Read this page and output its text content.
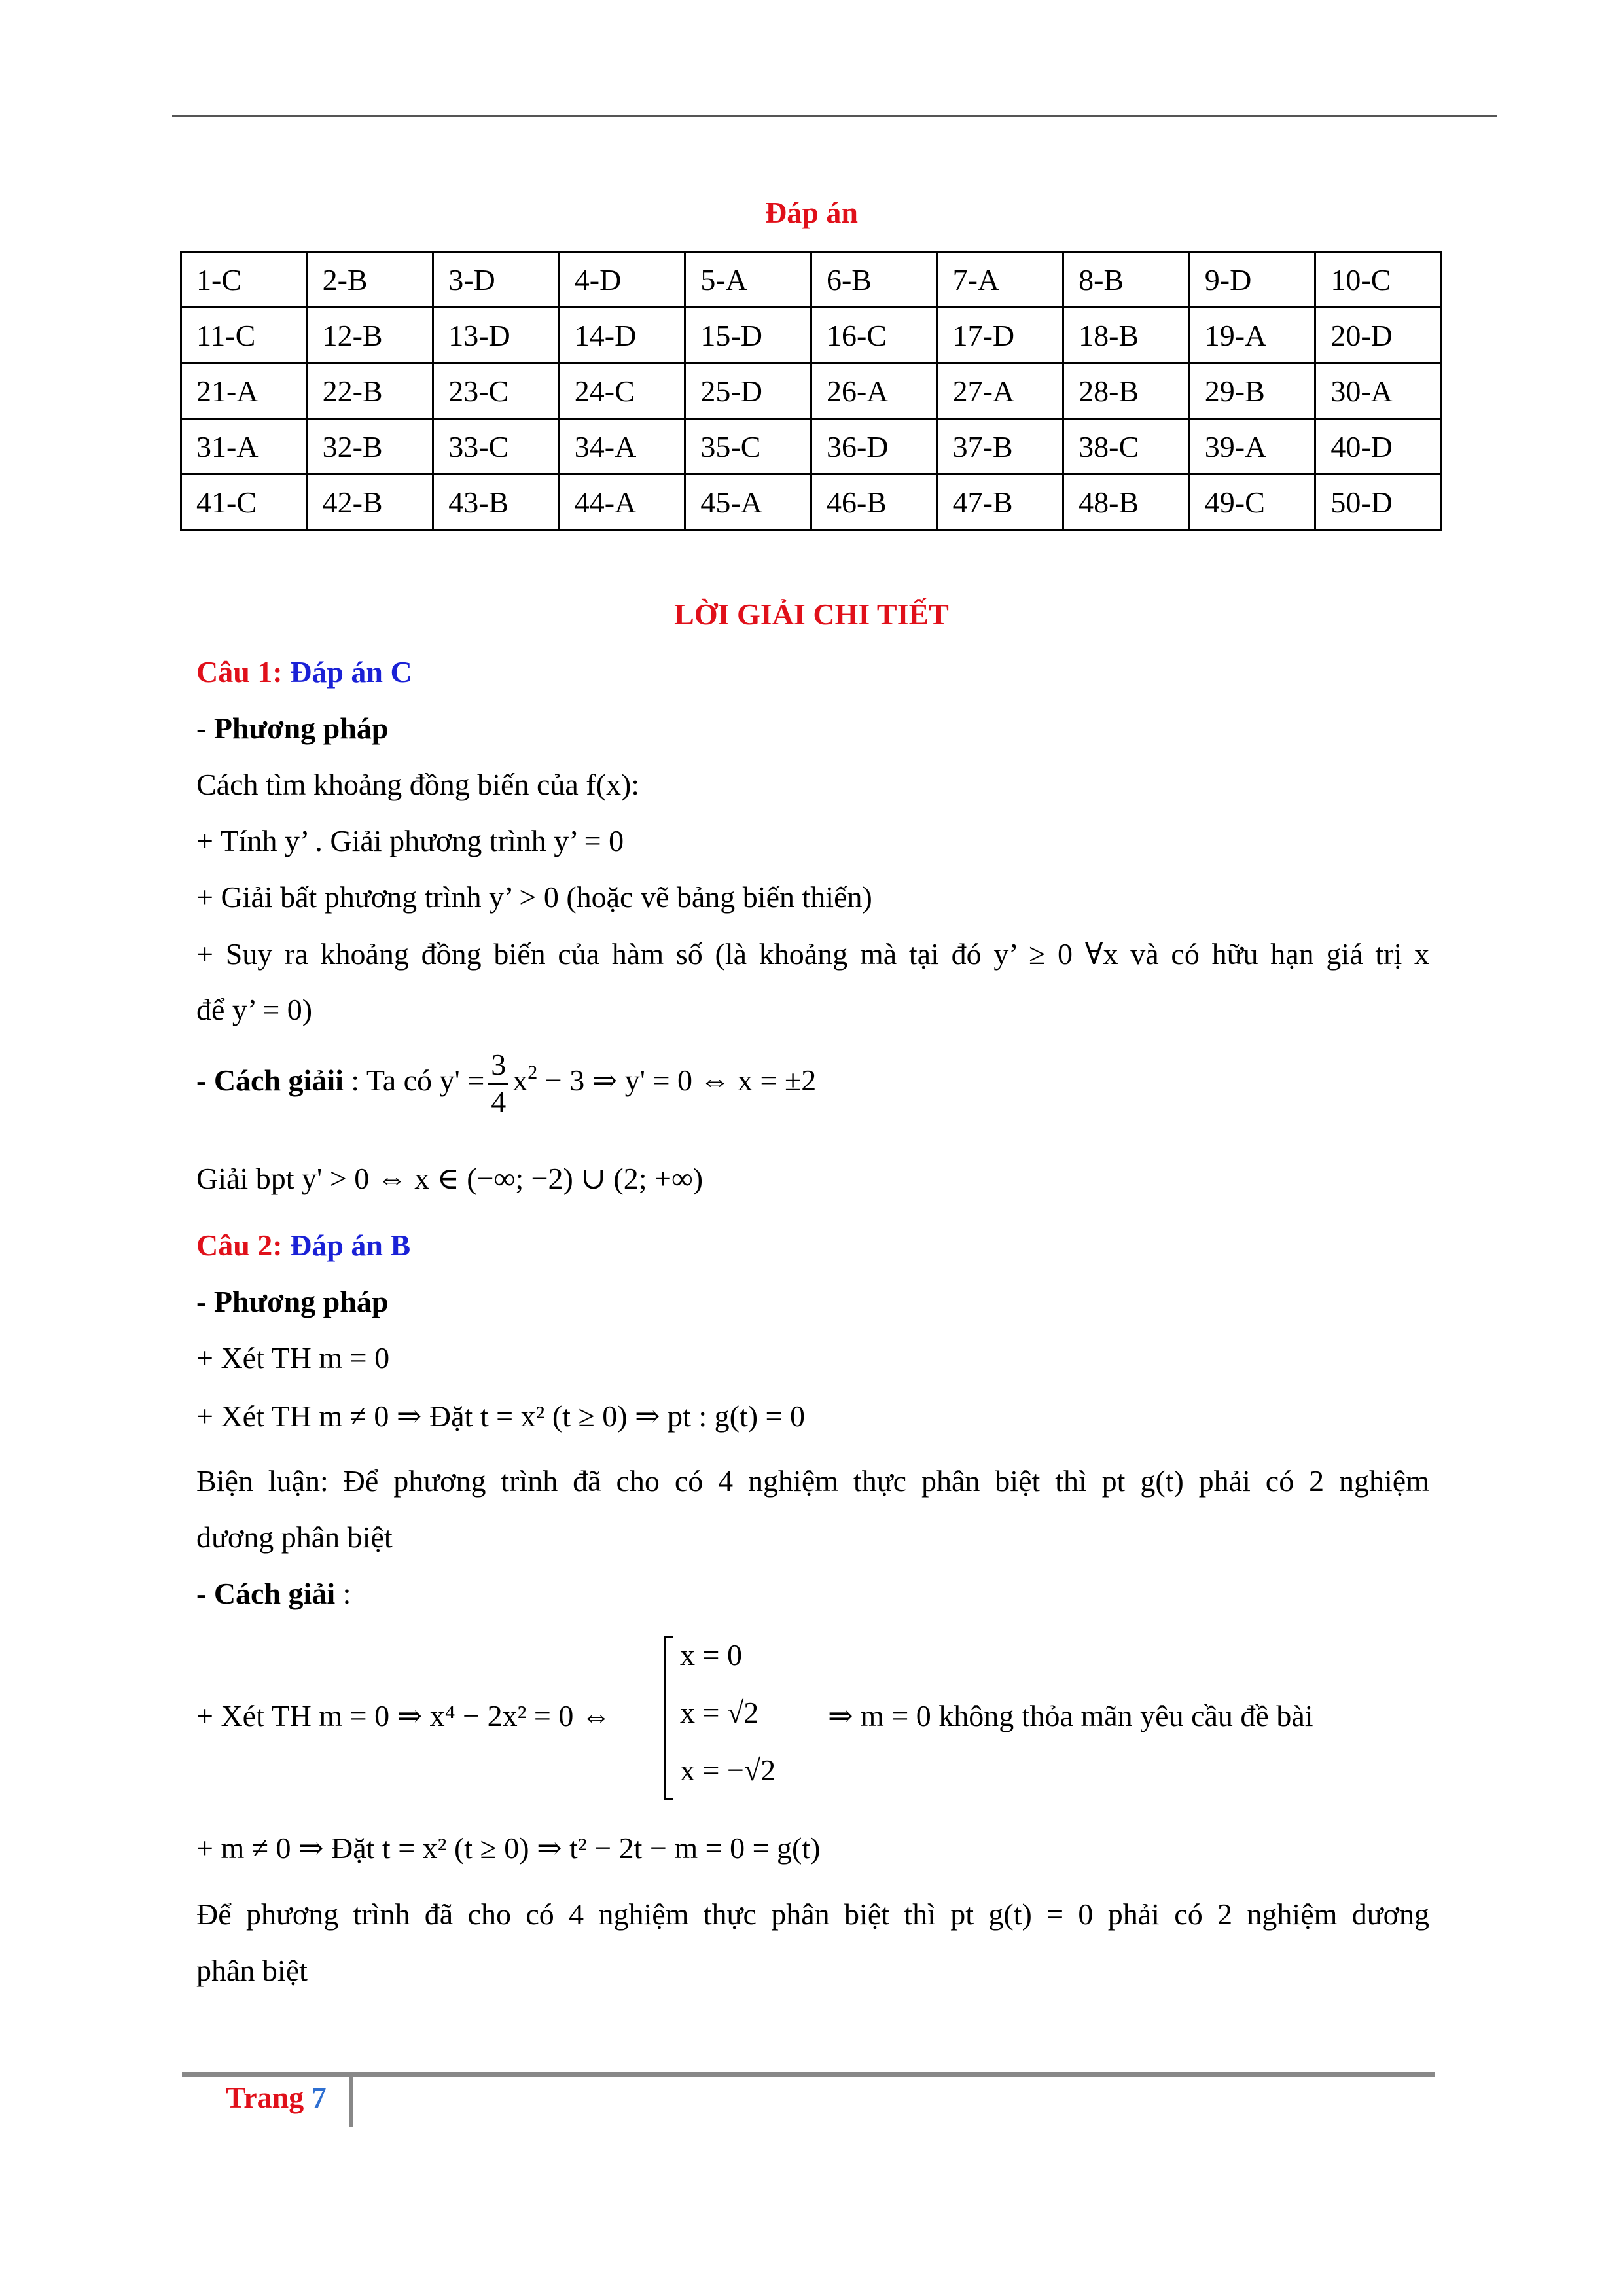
Đáp án
1-C	2-B	3-D	4-D	5-A	6-B	7-A	8-B	9-D	10-C
11-C	12-B	13-D	14-D	15-D	16-C	17-D	18-B	19-A	20-D
21-A	22-B	23-C	24-C	25-D	26-A	27-A	28-B	29-B	30-A
31-A	32-B	33-C	34-A	35-C	36-D	37-B	38-C	39-A	40-D
41-C	42-B	43-B	44-A	45-A	46-B	47-B	48-B	49-C	50-D
LỜI GIẢI CHI TIẾT
Câu 1: Đáp án C
- Phương pháp
Cách tìm khoảng đồng biến của f(x):
+ Tính y’ . Giải phương trình y’ = 0
+ Giải bất phương trình y’ > 0 (hoặc vẽ bảng biến thiến)
+ Suy ra khoảng đồng biến của hàm số (là khoảng mà tại đó y’ ≥ 0 ∀x và có hữu hạn giá trị x
để y’ = 0)
- Cách giảii : Ta có $y' = \frac{3}{4} x^2 - 3$ ⇒ y' = 0 ⇔ x = ±2
Giải bpt y' > 0 ⇔ x ∈ (−∞; −2) ∪ (2; +∞)
Câu 2: Đáp án B
- Phương pháp
+ Xét TH m = 0
+ Xét TH m ≠ 0 ⇒ Đặt t = x² (t ≥ 0) ⇒ pt : g(t) = 0
Biện luận: Để phương trình đã cho có 4 nghiệm thực phân biệt thì pt g(t) phải có 2 nghiệm
dương phân biệt
- Cách giải :
+ Xét TH m = 0 ⇒ x⁴ − 2x² = 0 ⇔
x = 0
x = √2
x = −√2
⇒ m = 0 không thỏa mãn yêu cầu đề bài
+ m ≠ 0 ⇒ Đặt t = x² (t ≥ 0) ⇒ t² − 2t − m = 0 = g(t)
Để phương trình đã cho có 4 nghiệm thực phân biệt thì pt g(t) = 0 phải có 2 nghiệm dương
phân biệt
Trang 7
